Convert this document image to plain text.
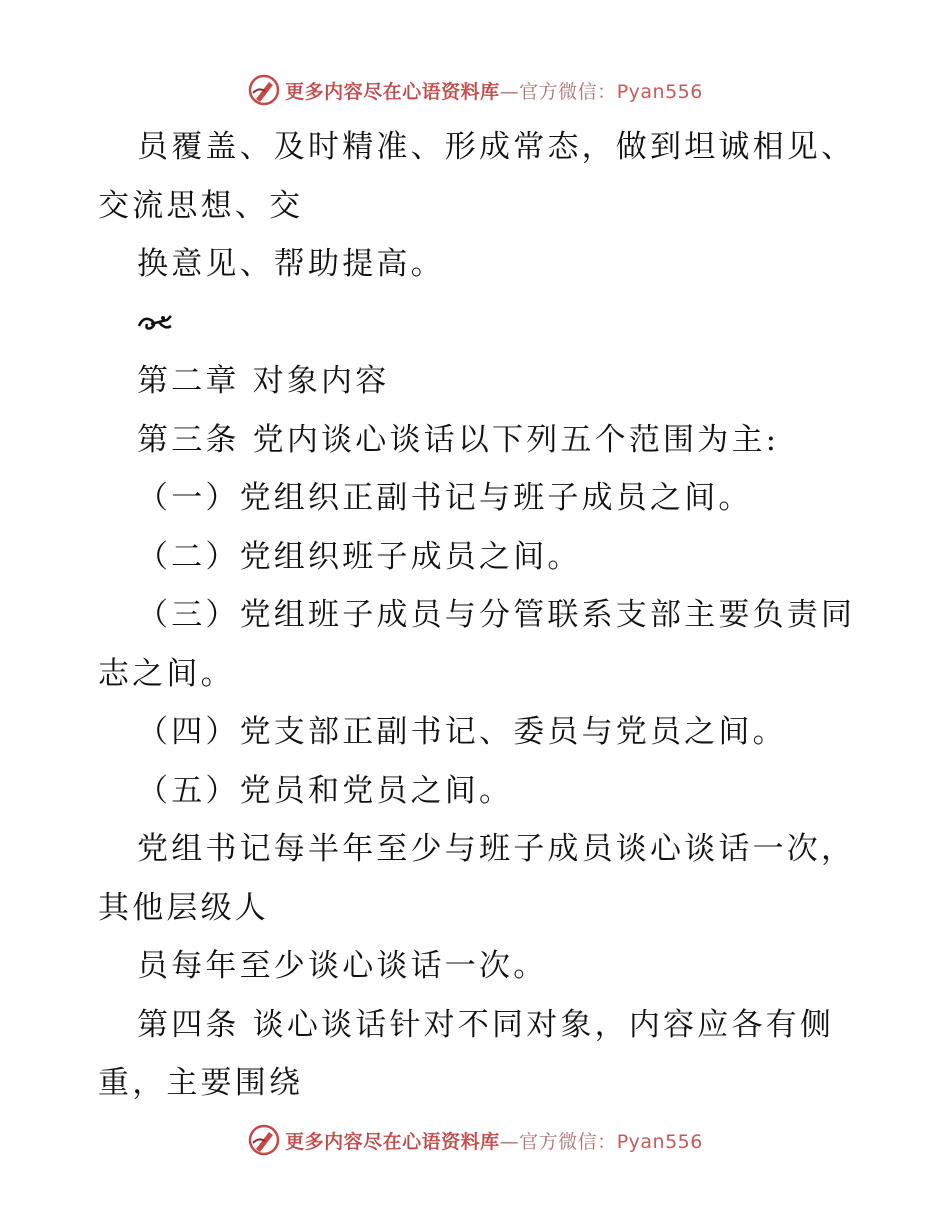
更多内容尽在心语资料库—官方微信：Pyan556
员覆盖、及时精准、形成常态，做到坦诚相见、
交流思想、交
换意见、帮助提高。
第二章 对象内容
第三条 党内谈心谈话以下列五个范围为主:
（一）党组织正副书记与班子成员之间。
（二）党组织班子成员之间。
（三）党组班子成员与分管联系支部主要负责同
志之间。
（四）党支部正副书记、委员与党员之间。
（五）党员和党员之间。
党组书记每半年至少与班子成员谈心谈话一次，
其他层级人
员每年至少谈心谈话一次。
第四条 谈心谈话针对不同对象，内容应各有侧
重，主要围绕
更多内容尽在心语资料库—官方微信：Pyan556
